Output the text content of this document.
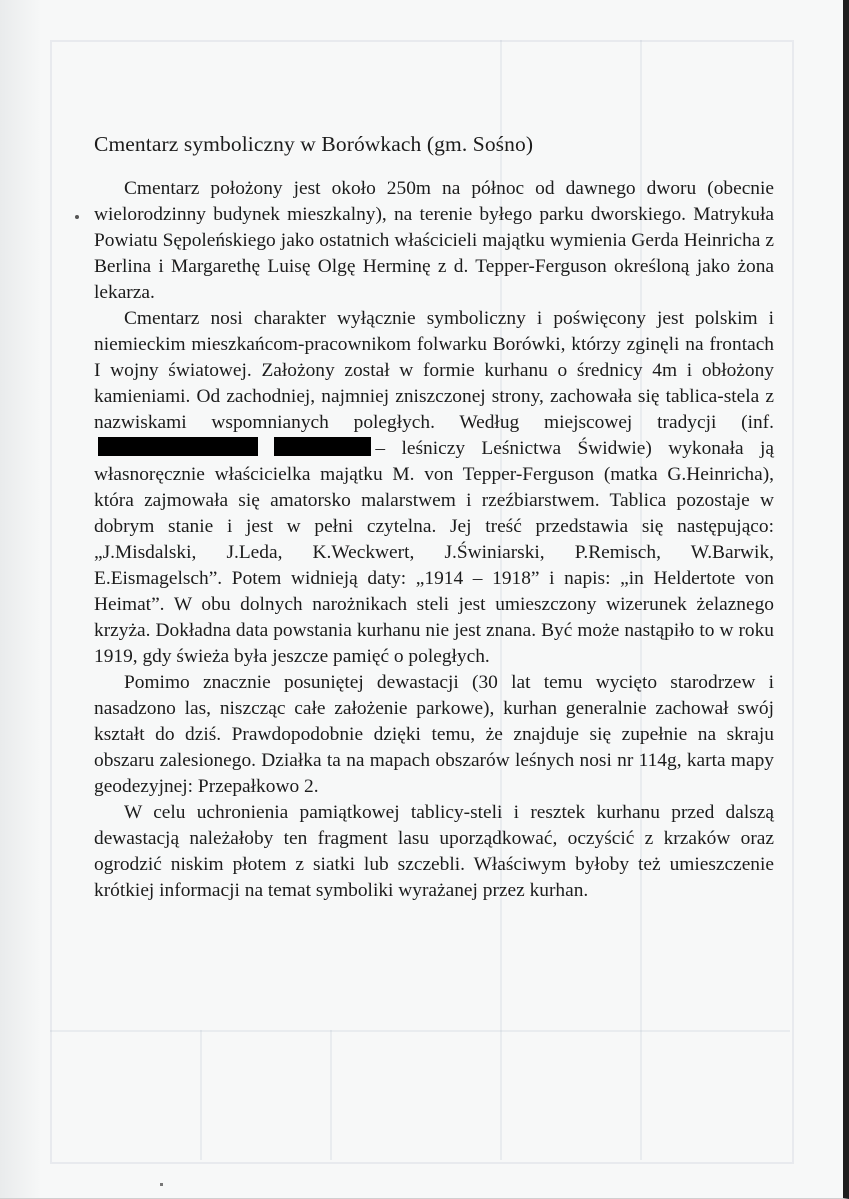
Cmentarz symboliczny w Borówkach (gm. Sośno)

Cmentarz położony jest około 250m na północ od dawnego dworu (obecnie wielorodzinny budynek mieszkalny), na terenie byłego parku dworskiego. Matrykuła Powiatu Sępoleńskiego jako ostatnich właścicieli majątku wymienia Gerda Heinricha z Berlina i Margarethę Luisę Olgę Herminę z d. Tepper-Ferguson określoną jako żona lekarza.

Cmentarz nosi charakter wyłącznie symboliczny i poświęcony jest polskim i niemieckim mieszkańcom-pracownikom folwarku Borówki, którzy zginęli na frontach I wojny światowej. Założony został w formie kurhanu o średnicy 4m i obłożony kamieniami. Od zachodniej, najmniej zniszczonej strony, zachowała się tablica-stela z nazwiskami wspomnianych poległych. Według miejscowej tradycji (inf. – leśniczy Leśnictwa Świdwie) wykonała ją własnoręcznie właścicielka majątku M. von Tepper-Ferguson (matka G.Heinricha), która zajmowała się amatorsko malarstwem i rzeźbiarstwem. Tablica pozostaje w dobrym stanie i jest w pełni czytelna. Jej treść przedstawia się następująco: „J.Misdalski, J.Leda, K.Weckwert, J.Świniarski, P.Remisch, W.Barwik, E.Eismagelsch”. Potem widnieją daty: „1914 – 1918” i napis: „in Heldertote von Heimat”. W obu dolnych narożnikach steli jest umieszczony wizerunek żelaznego krzyża. Dokładna data powstania kurhanu nie jest znana. Być może nastąpiło to w roku 1919, gdy świeża była jeszcze pamięć o poległych.

Pomimo znacznie posuniętej dewastacji (30 lat temu wycięto starodrzew i nasadzono las, niszcząc całe założenie parkowe), kurhan generalnie zachował swój kształt do dziś. Prawdopodobnie dzięki temu, że znajduje się zupełnie na skraju obszaru zalesionego. Działka ta na mapach obszarów leśnych nosi nr 114g, karta mapy geodezyjnej: Przepałkowo 2.

W celu uchronienia pamiątkowej tablicy-steli i resztek kurhanu przed dalszą dewastacją należałoby ten fragment lasu uporządkować, oczyścić z krzaków oraz ogrodzić niskim płotem z siatki lub szczebli. Właściwym byłoby też umieszczenie krótkiej informacji na temat symboliki wyrażanej przez kurhan.
